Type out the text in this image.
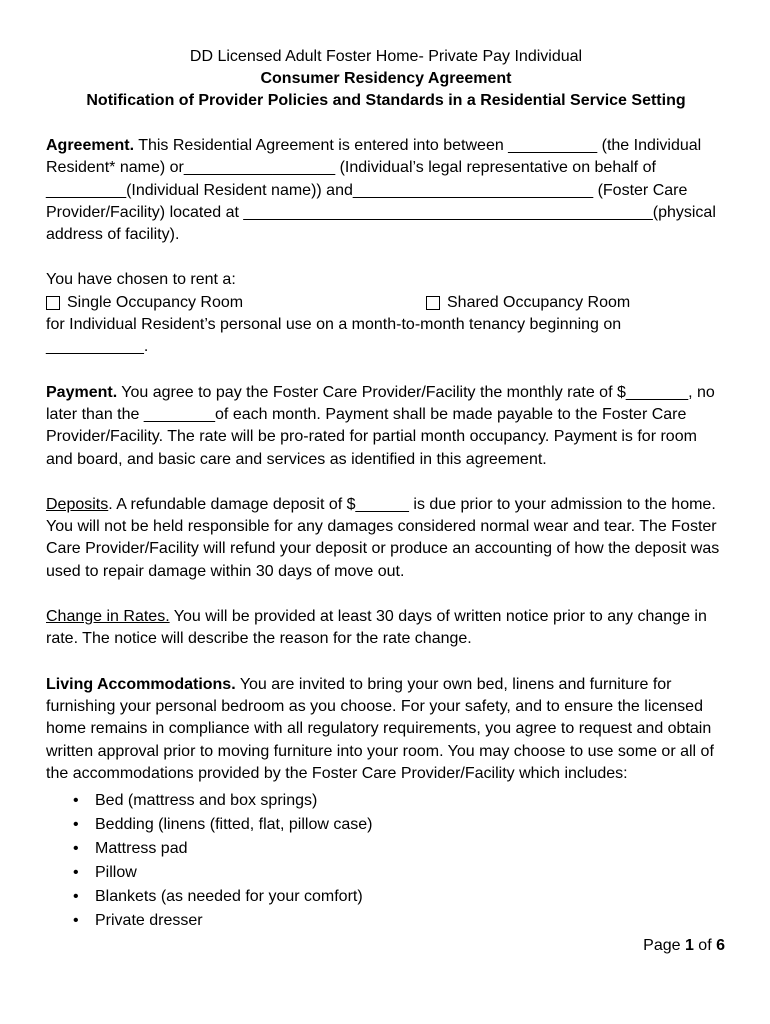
DD Licensed Adult Foster Home- Private Pay Individual
Consumer Residency Agreement
Notification of Provider Policies and Standards in a Residential Service Setting

Agreement. This Residential Agreement is entered into between __________ (the Individual Resident* name) or_________________ (Individual’s legal representative on behalf of _________(Individual Resident name)) and___________________________ (Foster Care Provider/Facility) located at ______________________________________________(physical address of facility).

You have chosen to rent a:
Single Occupancy Room	Shared Occupancy Room
for Individual Resident’s personal use on a month-to-month tenancy beginning on ___________.

Payment. You agree to pay the Foster Care Provider/Facility the monthly rate of $_______, no later than the ________of each month. Payment shall be made payable to the Foster Care Provider/Facility. The rate will be pro-rated for partial month occupancy. Payment is for room and board, and basic care and services as identified in this agreement.

Deposits. A refundable damage deposit of $______ is due prior to your admission to the home. You will not be held responsible for any damages considered normal wear and tear. The Foster Care Provider/Facility will refund your deposit or produce an accounting of how the deposit was used to repair damage within 30 days of move out.

Change in Rates. You will be provided at least 30 days of written notice prior to any change in rate. The notice will describe the reason for the rate change.

Living Accommodations. You are invited to bring your own bed, linens and furniture for furnishing your personal bedroom as you choose. For your safety, and to ensure the licensed home remains in compliance with all regulatory requirements, you agree to request and obtain written approval prior to moving furniture into your room. You may choose to use some or all of the accommodations provided by the Foster Care Provider/Facility which includes:

• Bed (mattress and box springs)
• Bedding (linens (fitted, flat, pillow case)
• Mattress pad
• Pillow
• Blankets (as needed for your comfort)
• Private dresser
Page 1 of 6
